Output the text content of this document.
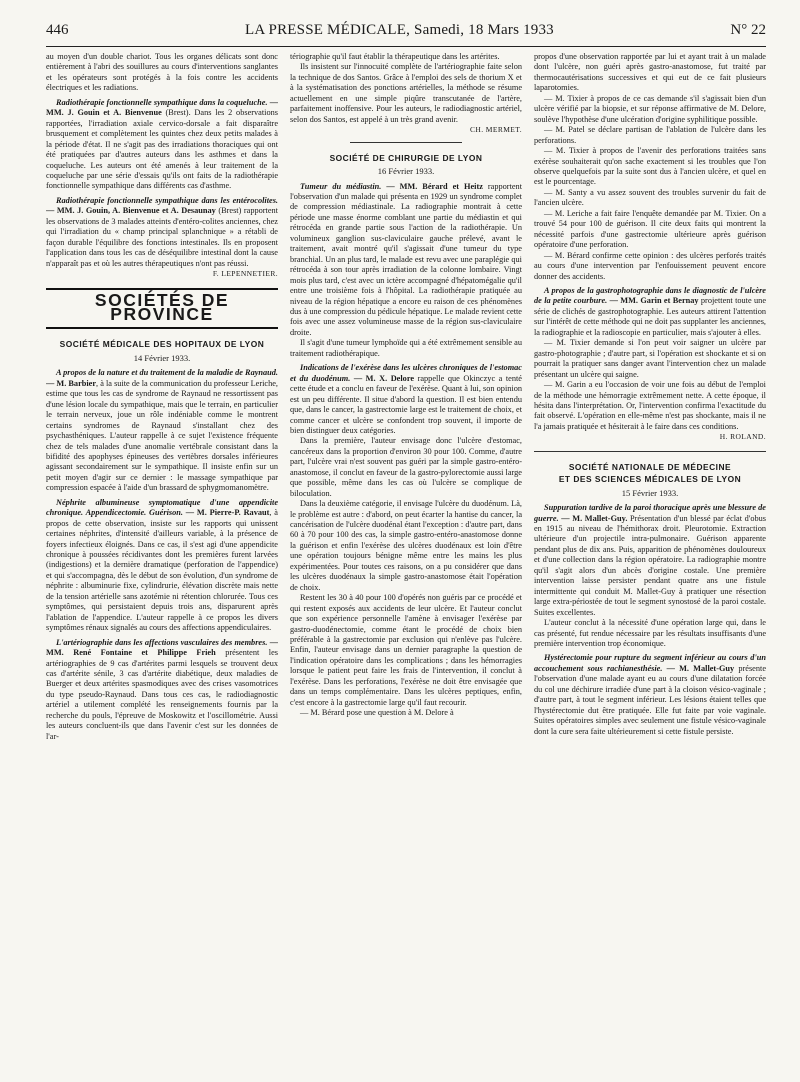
446	LA PRESSE MÉDICALE, Samedi, 18 Mars 1933	N° 22

au moyen d'un double chariot. Tous les organes délicats sont donc entièrement à l'abri des souillures au cours d'interventions sanglantes et les opérateurs sont protégés à la fois contre les accidents électriques et les radiations.

Radiothérapie fonctionnelle sympathique dans la coqueluche. — MM. J. Gouin et A. Bienvenue (Brest). Dans les 2 observations rapportées, l'irradiation axiale cervico-dorsale a fait disparaître brusquement et complètement les quintes chez deux petits malades à la période d'état. Il ne s'agit pas des irradiations thoraciques qui ont été pratiquées par d'autres auteurs dans les asthmes et dans la coqueluche. Les auteurs ont été amenés à leur traitement de la coqueluche par une série d'essais qu'ils ont faits de la radiothérapie fonctionnelle sympathique dans différents cas d'asthme.

Radiothérapie fonctionnelle sympathique dans les entérocolites. — MM. J. Gouin, A. Bienvenue et A. Desaunay (Brest) rapportent les observations de 3 malades atteints d'entéro-colites anciennes, chez qui l'irradiation du « champ principal splanchnique » a rétabli de façon durable l'équilibre des fonctions intestinales. Ils en proposent l'application dans tous les cas de déséquilibre intestinal dont la cause n'apparaît pas et où les autres thérapeutiques n'ont pas réussi.

F. LEPENNETIER.

SOCIÉTÉS DE PROVINCE
SOCIÉTÉ MÉDICALE DES HOPITAUX DE LYON
14 Février 1933.

A propos de la nature et du traitement de la maladie de Raynaud. — M. Barbier, à la suite de la communication du professeur Leriche, estime que tous les cas de syndrome de Raynaud ne ressortissent pas d'une lésion locale du sympathique, mais que le terrain, en particulier le terrain nerveux, joue un rôle indéniable comme le montrent certains syndromes de Raynaud s'installant chez des psychasthéniques. L'auteur rappelle à ce sujet l'existence fréquente chez de tels malades d'une anomalie vertébrale consistant dans la bifidité des apophyses épineuses des vertèbres dorsales inférieures agissant secondairement sur le sympathique. Il insiste enfin sur un petit moyen d'agir sur ce dernier : le massage sympathique par compression espacée à l'aide d'un brassard de sphygmomanomètre.

Néphrite albumineuse symptomatique d'une appendicite chronique. Appendicectomie. Guérison. — M. Pierre-P. Ravaut, à propos de cette observation, insiste sur les rapports qui unissent certaines néphrites, d'intensité d'ailleurs variable, à la présence de foyers infectieux éloignés. Dans ce cas, il s'est agi d'une appendicite chronique à poussées récidivantes dont les premières furent larvées (indigestions) et la dernière dramatique (perforation de l'appendice) et qui s'accompagna, dès le début de son évolution, d'un syndrome de néphrite : albuminurie fixe, cylindrurie, élévation discrète mais nette de la tension artérielle sans azotémie ni rétention chlorurée. Tous ces symptômes, qui persistaient depuis trois ans, disparurent après l'ablation de l'appendice. L'auteur rappelle à ce propos les divers symptômes rénaux signalés au cours des affections appendiculaires.

L'artériographie dans les affections vasculaires des membres. — MM. René Fontaine et Philippe Frieh présentent les artériographies de 9 cas d'artérites parmi lesquels se trouvent deux cas d'artérite sénile, 3 cas d'artérite diabétique, deux maladies de Buerger et deux artérites spasmodiques avec des crises vasomotrices du type pseudo-Raynaud. Dans tous ces cas, le radiodiagnostic artériel a utilement complété les renseignements fournis par la recherche du pouls, l'épreuve de Moskowitz et l'oscillométrie. Aussi les auteurs concluent-ils que dans l'avenir c'est sur les données de l'ar-

tériographie qu'il faut établir la thérapeutique dans les artérites.

Ils insistent sur l'innocuité complète de l'artériographie faite selon la technique de dos Santos. Grâce à l'emploi des sels de thorium X et à la systématisation des ponctions artérielles, la méthode se résume actuellement en une simple piqûre transcutanée de l'artère, parfaitement inoffensive. Pour les auteurs, le radiodiagnostic artériel, selon dos Santos, est appelé à un très grand avenir.

CH. MERMET.

SOCIÉTÉ DE CHIRURGIE DE LYON
16 Février 1933.

Tumeur du médiastin. — MM. Bérard et Heitz rapportent l'observation d'un malade qui présenta en 1929 un syndrome complet de compression médiastinale. La radiographie montrait à cette période une masse énorme comblant une partie du médiastin et qui rétrocéda en grande partie sous l'action de la radiothérapie. Un volumineux ganglion sus-claviculaire gauche prélevé, avant le traitement, avait montré qu'il s'agissait d'une tumeur du type branchial. Un an plus tard, le malade est revu avec une paraplégie qui rétrocéda à son tour après irradiation de la colonne lombaire. Vingt mois plus tard, c'est avec un ictère accompagné d'hépatomégalie qu'il entre une troisième fois à l'hôpital. La radiothérapie pratiquée au niveau de la région hépatique a encore eu raison de ces phénomènes dus à une compression du pédicule hépatique. Le malade revient cette fois avec une assez volumineuse masse de la région sus-claviculaire droite.

Il s'agit d'une tumeur lymphoïde qui a été extrêmement sensible au traitement radiothérapique.

Indications de l'exérèse dans les ulcères chroniques de l'estomac et du duodénum. — M. X. Delore rappelle que Okinczyc a tenté cette étude et a conclu en faveur de l'exérèse. Quant à lui, son opinion est un peu différente. Il situe d'abord la question. Il est bien entendu que, dans le cancer, la gastrectomie large est le traitement de choix, et comme cancer et ulcère se confondent trop souvent, il importe de bien distinguer deux catégories.

Dans la première, l'auteur envisage donc l'ulcère d'estomac, cancéreux dans la proportion d'environ 30 pour 100. Comme, d'autre part, l'ulcère vrai n'est souvent pas guéri par la simple gastro-entéro-anastomose, il conclut en faveur de la gastro-pylorectomie aussi large que possible, même dans les cas où l'ulcère se complique de biloculation.

Dans la deuxième catégorie, il envisage l'ulcère du duodénum. Là, le problème est autre : d'abord, on peut écarter la hantise du cancer, la cancérisation de l'ulcère duodénal étant l'exception : d'autre part, dans 60 à 70 pour 100 des cas, la simple gastro-entéro-anastomose donne la guérison et enfin l'exérèse des ulcères duodénaux est loin d'être une opération toujours bénigne même entre les mains les plus expérimentées. Pour toutes ces raisons, on a pu considérer que dans les ulcères duodénaux la simple gastro-anastomose était l'opération de choix.

Restent les 30 à 40 pour 100 d'opérés non guéris par ce procédé et qui restent exposés aux accidents de leur ulcère. Et l'auteur conclut que son expérience personnelle l'amène à envisager l'exérèse par gastro-duodénectomie, comme étant le procédé de choix bien préférable à la gastrectomie par exclusion qui n'enlève pas l'ulcère. Enfin, l'auteur envisage dans un dernier paragraphe la question de l'indication opératoire dans les complications ; dans les hémorragies lorsque le patient peut faire les frais de l'intervention, il conclut à l'exérèse. Dans les perforations, l'exérèse ne doit être envisagée que dans un temps complémentaire. Dans les ulcères peptiques, enfin, c'est encore à la gastrectomie large qu'il faut recourir.

— M. Bérard pose une question à M. Delore à

propos d'une observation rapportée par lui et ayant trait à un malade dont l'ulcère, non guéri après gastro-anastomose, fut traité par thermocautérisations successives et qui eut de ce fait plusieurs laparotomies.

— M. Tixier à propos de ce cas demande s'il s'agissait bien d'un ulcère vérifié par la biopsie, et sur réponse affirmative de M. Delore, soulève l'hypothèse d'une ulcération d'origine syphilitique possible.

— M. Patel se déclare partisan de l'ablation de l'ulcère dans les perforations.

— M. Tixier à propos de l'avenir des perforations traitées sans exérèse souhaiterait qu'on sache exactement si les troubles que l'on observe quelquefois par la suite sont dus à l'ancien ulcère, et quel en est le pourcentage.

— M. Santy a vu assez souvent des troubles survenir du fait de l'ancien ulcère.

— M. Leriche a fait faire l'enquête demandée par M. Tixier. On a trouvé 54 pour 100 de guérison. Il cite deux faits qui montrent la nécessité parfois d'une gastrectomie ultérieure après guérison opératoire d'une perforation.

— M. Bérard confirme cette opinion : des ulcères perforés traités au cours d'une intervention par l'enfouissement peuvent encore donner des accidents.

A propos de la gastrophotographie dans le diagnostic de l'ulcère de la petite courbure. — MM. Garin et Bernay projettent toute une série de clichés de gastrophotographie. Les auteurs attirent l'attention sur l'intérêt de cette méthode qui ne doit pas supplanter les anciennes, la radiographie et la radioscopie en particulier, mais s'ajouter à elles.

— M. Tixier demande si l'on peut voir saigner un ulcère par gastro-photographie ; d'autre part, si l'opération est shockante et si on pourrait la pratiquer sans danger avant l'intervention chez un malade présentant un ulcère qui saigne.

— M. Garin a eu l'occasion de voir une fois au début de l'emploi de la méthode une hémorragie extrêmement nette. A cette époque, il hésita dans l'interprétation. Or, l'intervention confirma l'exactitude du fait observé. L'opération en elle-même n'est pas shockante, mais il ne l'a jamais pratiquée et hésiterait à le faire dans ces conditions.

H. ROLAND.

SOCIÉTÉ NATIONALE DE MÉDECINE
ET DES SCIENCES MÉDICALES DE LYON
15 Février 1933.

Suppuration tardive de la paroi thoracique après une blessure de guerre. — M. Mallet-Guy. Présentation d'un blessé par éclat d'obus en 1915 au niveau de l'hémithorax droit. Pleurotomie. Extraction ultérieure d'un projectile intra-pulmonaire. Guérison apparente pendant plus de dix ans. Puis, apparition de phénomènes douloureux et d'une collection dans la région opératoire. La radiographie montre qu'il s'agit alors d'un abcès d'origine costale. Une première intervention laisse persister pendant quatre ans une fistule intermittente qui conduit M. Mallet-Guy à pratiquer une résection large extra-périostée de tout le segment synostosé de la paroi costale. Suites excellentes.

L'auteur conclut à la nécessité d'une opération large qui, dans le cas présenté, fut rendue nécessaire par les résultats insuffisants d'une première intervention trop économique.

Hystérectomie pour rupture du segment inférieur au cours d'un accouchement sous rachianesthésie. — M. Mallet-Guy présente l'observation d'une malade ayant eu au cours d'une dilatation forcée du col une déchirure irradiée d'une part à la cloison vésico-vaginale ; d'autre part, à tout le segment inférieur. Les lésions étaient telles que l'hystérectomie dut être pratiquée. Elle fut faite par voie vaginale. Suites opératoires simples avec seulement une fistule vésico-vaginale dont la cure sera faite ultérieurement si cette fistule persiste.
